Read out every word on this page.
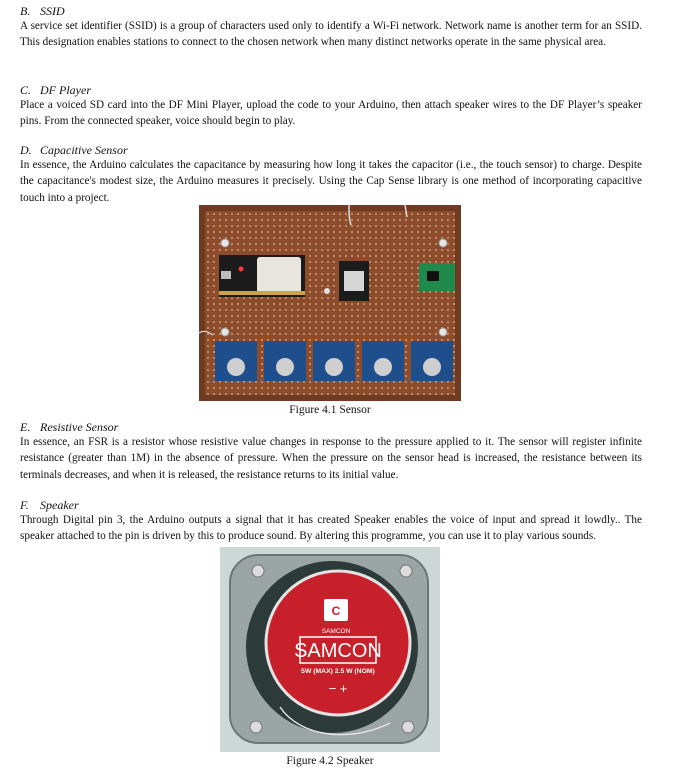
B. SSID

A service set identifier (SSID) is a group of characters used only to identify a Wi-Fi network. Network name is another term for an SSID. This designation enables stations to connect to the chosen network when many distinct networks operate in the same physical area.

C. DF Player

Place a voiced SD card into the DF Mini Player, upload the code to your Arduino, then attach speaker wires to the DF Player’s speaker pins. From the connected speaker, voice should begin to play.

D. Capacitive Sensor

In essence, the Arduino calculates the capacitance by measuring how long it takes the capacitor (i.e., the touch sensor) to charge. Despite the capacitance's modest size, the Arduino measures it precisely. Using the Cap Sense library is one method of incorporating capacitive touch into a project.

E. Resistive Sensor

In essence, an FSR is a resistor whose resistive value changes in response to the pressure applied to it. The sensor will register infinite resistance (greater than 1M) in the absence of pressure. When the pressure on the sensor head is increased, the resistance between its terminals decreases, and when it is released, the resistance returns to its initial value.

F. Speaker

Through Digital pin 3, the Arduino outputs a signal that it has created Speaker enables the voice of input and spread it lowdly.. The speaker attached to the pin is driven by this to produce sound. By altering this programme, you can use it to play various sounds.

Figure 4.1 Sensor
C
SAMCON
SAMCON
5W (MAX) 2.5 W (NOM)
− +
Figure 4.2 Speaker
